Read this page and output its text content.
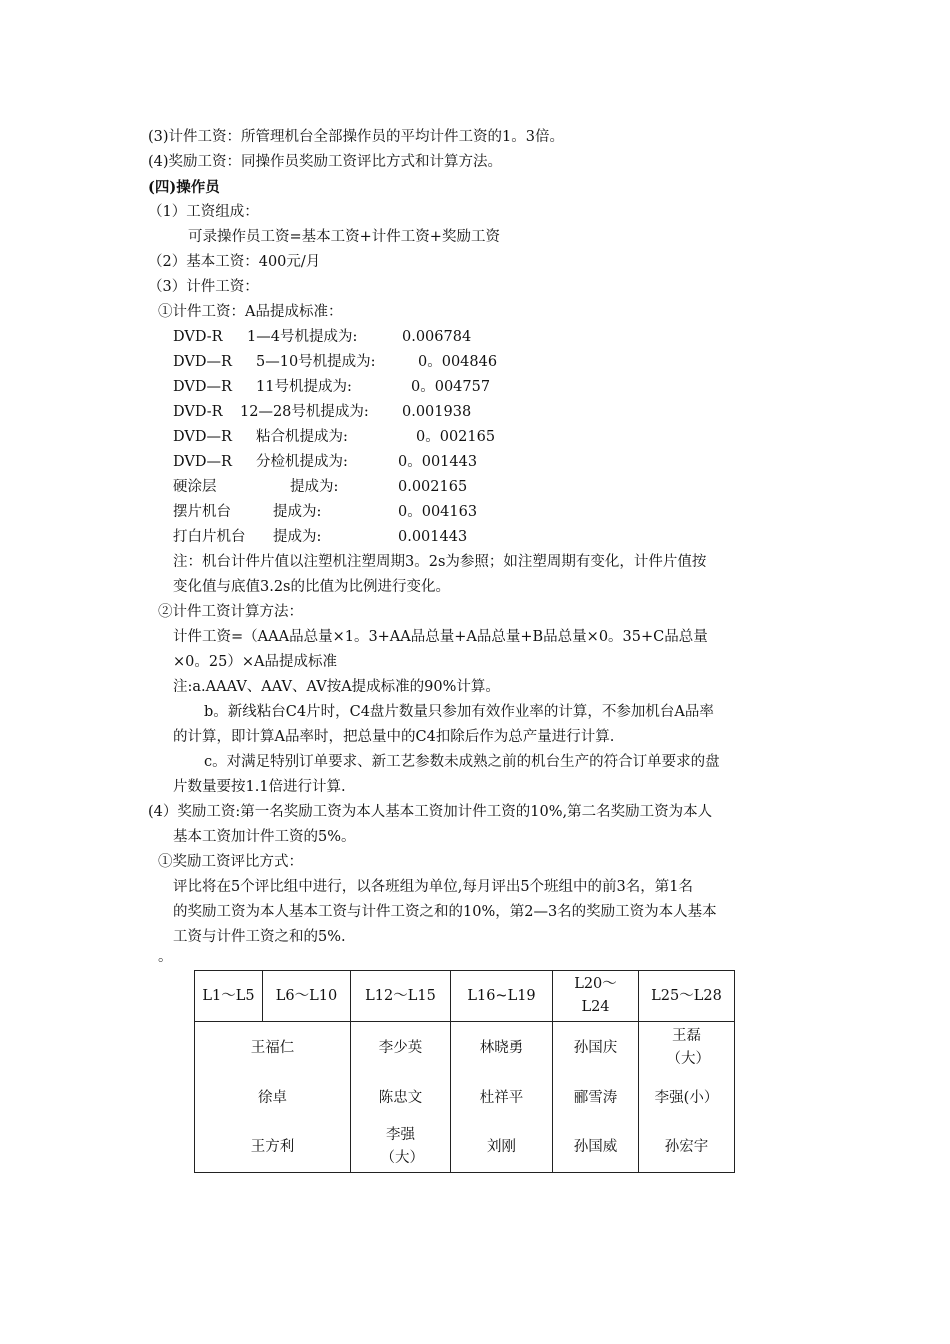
(3)计件工资：所管理机台全部操作员的平均计件工资的1。3倍。
(4)奖励工资：同操作员奖励工资评比方式和计算方法。
(四)操作员
（1）工资组成：
可录操作员工资=基本工资+计件工资+奖励工资
（2）基本工资：400元/月
（3）计件工资：
①计件工资：A品提成标准：
DVD-R 1—4号机提成为:	0.006784
DVD—R 5—10号机提成为:	0。004846
DVD—R 11号机提成为:	0。004757
DVD-R 12—28号机提成为: 0.001938
DVD—R 粘合机提成为:	0。002165
DVD—R 分检机提成为:	0。001443
硬涂层	提成为:	0.002165
摆片机台	提成为:	0。004163
打白片机台 提成为:	0.001443
注：机台计件片值以注塑机注塑周期3。2s为参照；如注塑周期有变化，计件片值按
变化值与底值3.2s的比值为比例进行变化。
②计件工资计算方法：
计件工资=（AAA品总量×1。3+AA品总量+A品总量+B品总量×0。35+C品总量
×0。25）×A品提成标准
注:a.AAAV、AAV、AV按A提成标准的90%计算。
b。新线粘台C4片时，C4盘片数量只参加有效作业率的计算，不参加机台A品率
的计算，即计算A品率时，把总量中的C4扣除后作为总产量进行计算.
c。对满足特别订单要求、新工艺参数未成熟之前的机台生产的符合订单要求的盘
片数量要按1.1倍进行计算.
(4）奖励工资:第一名奖励工资为本人基本工资加计件工资的10%,第二名奖励工资为本人
基本工资加计件工资的5%。
①奖励工资评比方式：
评比将在5个评比组中进行，以各班组为单位,每月评出5个班组中的前3名，第1名
的奖励工资为本人基本工资与计件工资之和的10%，第2—3名的奖励工资为本人基本
工资与计件工资之和的5%.
。
L1～L5	L6～L10	L12～L15	L16~L19	L20～L24	L25～L28
王福仁		李少英	林晓勇	孙国庆	王磊（大）
徐卓		陈忠文	杜祥平	郦雪涛	李强(小）
王方利		李强（大）	刘刚	孙国威	孙宏宇
